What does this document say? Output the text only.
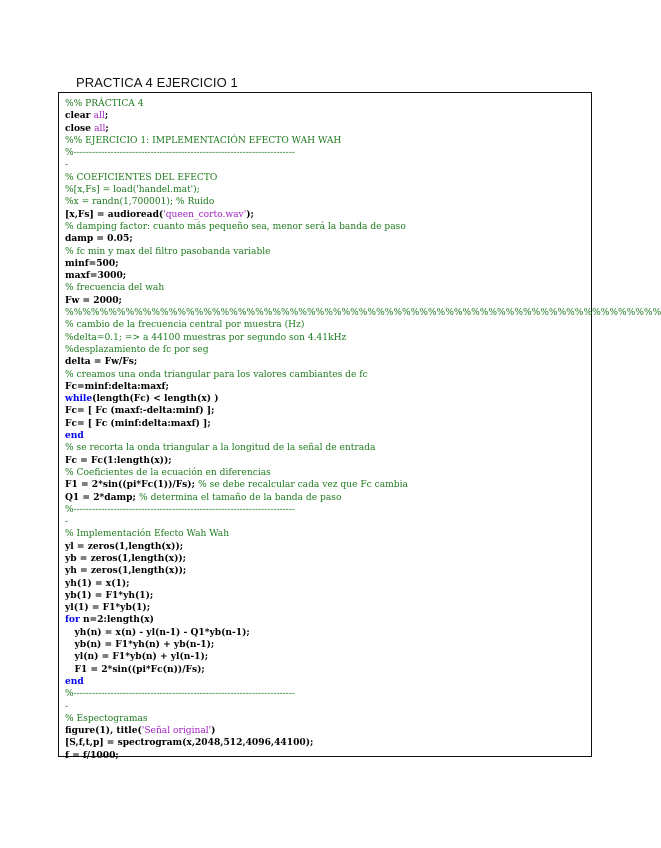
PRACTICA 4 EJERCICIO 1
%% PRÁCTICA 4
clear all;
close all;
%% EJERCICIO 1: IMPLEMENTACIÓN EFECTO WAH WAH
%------------------------------------------------------------------------
-
% COEFICIENTES DEL EFECTO
%[x,Fs] = load('handel.mat');
%x = randn(1,700001); % Ruido
[x,Fs] = audioread('queen_corto.wav');
% damping factor: cuanto más pequeño sea, menor será la banda de paso
damp = 0.05;
% fc min y max del filtro pasobanda variable
minf=500;
maxf=3000;
% frecuencia del wah
Fw = 2000;
%%%%%%%%%%%%%%%%%%%%%%%%%%%%%%%%%%%%%%%%%%%%%%%%%%%%%%%%%%%%%%%%%%%%%
% cambio de la frecuencia central por muestra (Hz)
%delta=0.1; => a 44100 muestras por segundo son 4.41kHz
%desplazamiento de fc por seg
delta = Fw/Fs;
% creamos una onda triangular para los valores cambiantes de fc
Fc=minf:delta:maxf;
while(length(Fc) < length(x) )
Fc= [ Fc (maxf:-delta:minf) ];
Fc= [ Fc (minf:delta:maxf) ];
end
% se recorta la onda triangular a la longitud de la señal de entrada
Fc = Fc(1:length(x));
% Coeficientes de la ecuación en diferencias
F1 = 2*sin((pi*Fc(1))/Fs); % se debe recalcular cada vez que Fc cambia
Q1 = 2*damp; % determina el tamaño de la banda de paso
%------------------------------------------------------------------------
-
% Implementación Efecto Wah Wah
yl = zeros(1,length(x));
yb = zeros(1,length(x));
yh = zeros(1,length(x));
yh(1) = x(1);
yb(1) = F1*yh(1);
yl(1) = F1*yb(1);
for n=2:length(x)
yh(n) = x(n) - yl(n-1) - Q1*yb(n-1);
yb(n) = F1*yh(n) + yb(n-1);
yl(n) = F1*yb(n) + yl(n-1);
F1 = 2*sin((pi*Fc(n))/Fs);
end
%------------------------------------------------------------------------
-
% Espectogramas
figure(1), title('Señal original')
[S,f,t,p] = spectrogram(x,2048,512,4096,44100);
f = f/1000;
